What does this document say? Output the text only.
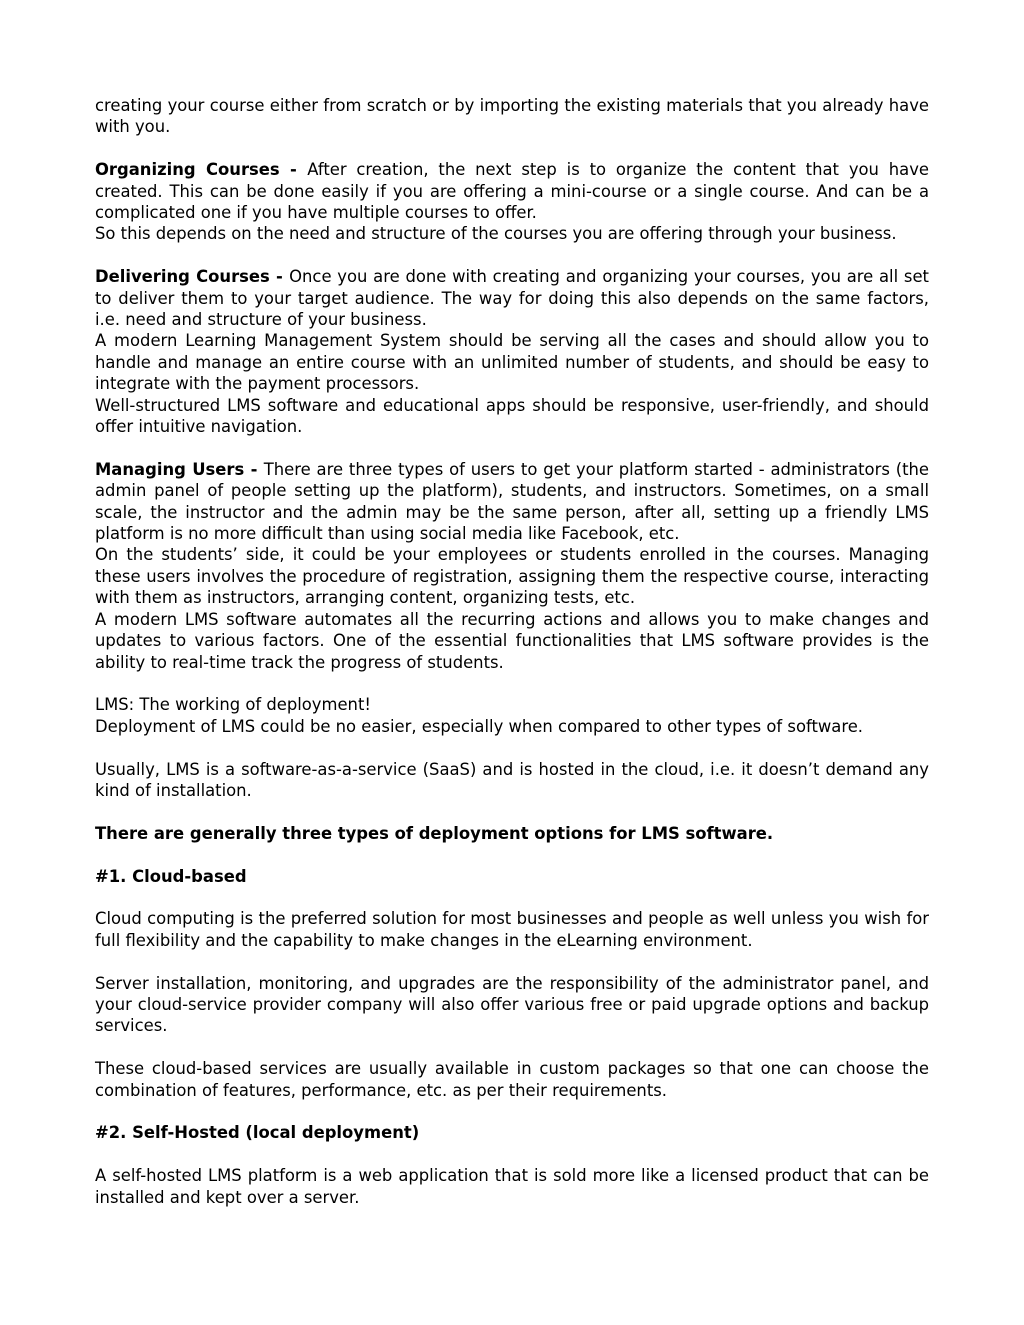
creating your course either from scratch or by importing the existing materials that you already have with you.

Organizing Courses - After creation, the next step is to organize the content that you have created. This can be done easily if you are offering a mini-course or a single course. And can be a complicated one if you have multiple courses to offer.

So this depends on the need and structure of the courses you are offering through your business.

Delivering Courses - Once you are done with creating and organizing your courses, you are all set to deliver them to your target audience. The way for doing this also depends on the same factors, i.e. need and structure of your business.

A modern Learning Management System should be serving all the cases and should allow you to handle and manage an entire course with an unlimited number of students, and should be easy to integrate with the payment processors.

Well-structured LMS software and educational apps should be responsive, user-friendly, and should offer intuitive navigation.

Managing Users - There are three types of users to get your platform started - administrators (the admin panel of people setting up the platform), students, and instructors. Sometimes, on a small scale, the instructor and the admin may be the same person, after all, setting up a friendly LMS platform is no more difficult than using social media like Facebook, etc.

On the students’ side, it could be your employees or students enrolled in the courses. Managing these users involves the procedure of registration, assigning them the respective course, interacting with them as instructors, arranging content, organizing tests, etc.

A modern LMS software automates all the recurring actions and allows you to make changes and updates to various factors. One of the essential functionalities that LMS software provides is the ability to real-time track the progress of students.

LMS: The working of deployment!

Deployment of LMS could be no easier, especially when compared to other types of software.

Usually, LMS is a software-as-a-service (SaaS) and is hosted in the cloud, i.e. it doesn’t demand any kind of installation.

There are generally three types of deployment options for LMS software.

#1. Cloud-based

Cloud computing is the preferred solution for most businesses and people as well unless you wish for full flexibility and the capability to make changes in the eLearning environment.

Server installation, monitoring, and upgrades are the responsibility of the administrator panel, and your cloud-service provider company will also offer various free or paid upgrade options and backup services.

These cloud-based services are usually available in custom packages so that one can choose the combination of features, performance, etc. as per their requirements.

#2. Self-Hosted (local deployment)

A self-hosted LMS platform is a web application that is sold more like a licensed product that can be installed and kept over a server.
